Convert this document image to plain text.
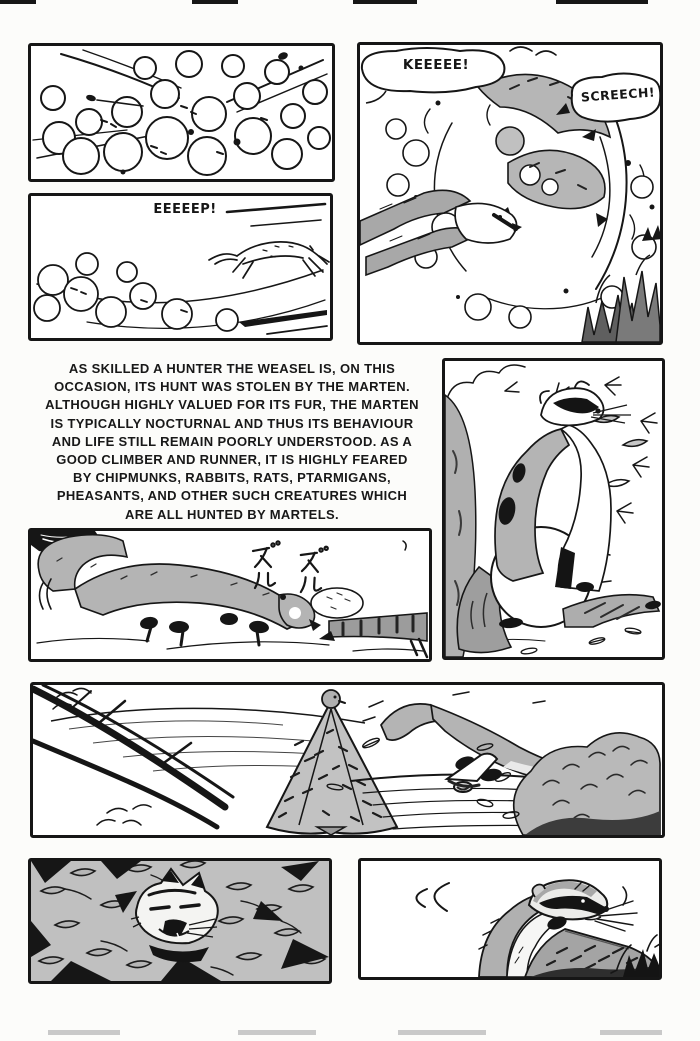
EEEEEP!
KEEEEE!
SCREECH!
AS SKILLED A HUNTER THE WEASEL IS, ON THIS
OCCASION, ITS HUNT WAS STOLEN BY THE MARTEN.
ALTHOUGH HIGHLY VALUED FOR ITS FUR, THE MARTEN
IS TYPICALLY NOCTURNAL AND THUS ITS BEHAVIOUR
AND LIFE STILL REMAIN POORLY UNDERSTOOD. AS A
GOOD CLIMBER AND RUNNER, IT IS HIGHLY FEARED
BY CHIPMUNKS, RABBITS, RATS, PTARMIGANS,
PHEASANTS, AND OTHER SUCH CREATURES WHICH
ARE ALL HUNTED BY MARTELS.
